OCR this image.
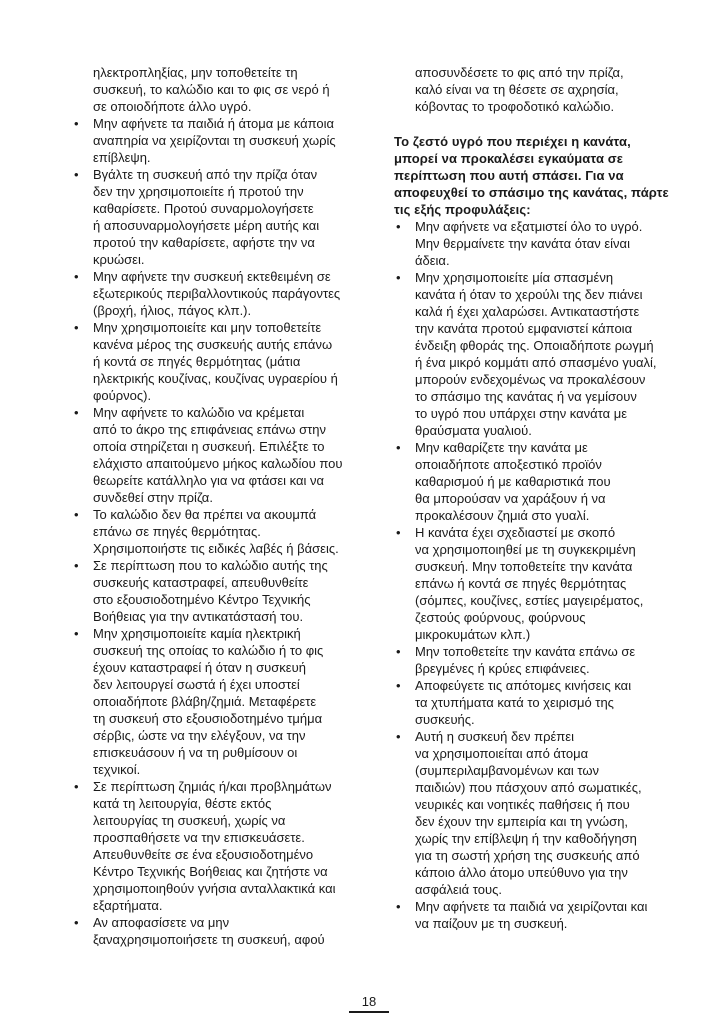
ηλεκτροπληξίας, μην τοποθετείτε τη
συσκευή, το καλώδιο και το φις σε νερό ή
σε οποιοδήποτε άλλο υγρό.
• Μην αφήνετε τα παιδιά ή άτομα με κάποια
αναπηρία να χειρίζονται τη συσκευή χωρίς
επίβλεψη.
• Βγάλτε τη συσκευή από την πρίζα όταν
δεν την χρησιμοποιείτε ή προτού την
καθαρίσετε. Προτού συναρμολογήσετε
ή αποσυναρμολογήσετε μέρη αυτής και
προτού την καθαρίσετε, αφήστε την να
κρυώσει.
• Μην αφήνετε την συσκευή εκτεθειμένη σε
εξωτερικούς περιβαλλοντικούς παράγοντες
(βροχή, ήλιος, πάγος κλπ.).
• Μην χρησιμοποιείτε και μην τοποθετείτε
κανένα μέρος της συσκευής αυτής επάνω
ή κοντά σε πηγές θερμότητας (μάτια
ηλεκτρικής κουζίνας, κουζίνας υγραερίου ή
φούρνος).
• Μην αφήνετε το καλώδιο να κρέμεται
από το άκρο της επιφάνειας επάνω στην
οποία στηρίζεται η συσκευή. Επιλέξτε το
ελάχιστο απαιτούμενο μήκος καλωδίου που
θεωρείτε κατάλληλο για να φτάσει και να
συνδεθεί στην πρίζα.
• Το καλώδιο δεν θα πρέπει να ακουμπά
επάνω σε πηγές θερμότητας.
Χρησιμοποιήστε τις ειδικές λαβές ή βάσεις.
• Σε περίπτωση που το καλώδιο αυτής της
συσκευής καταστραφεί, απευθυνθείτε
στο εξουσιοδοτημένο Κέντρο Τεχνικής
Βοήθειας για την αντικατάστασή του.
• Μην χρησιμοποιείτε καμία ηλεκτρική
συσκευή της οποίας το καλώδιο ή το φις
έχουν καταστραφεί ή όταν η συσκευή
δεν λειτουργεί σωστά ή έχει υποστεί
οποιαδήποτε βλάβη/ζημιά. Μεταφέρετε
τη συσκευή στο εξουσιοδοτημένο τμήμα
σέρβις, ώστε να την ελέγξουν, να την
επισκευάσουν ή να τη ρυθμίσουν οι
τεχνικοί.
• Σε περίπτωση ζημιάς ή/και προβλημάτων
κατά τη λειτουργία, θέστε εκτός
λειτουργίας τη συσκευή, χωρίς να
προσπαθήσετε να την επισκευάσετε.
Απευθυνθείτε σε ένα εξουσιοδοτημένο
Κέντρο Τεχνικής Βοήθειας και ζητήστε να
χρησιμοποιηθούν γνήσια ανταλλακτικά και
εξαρτήματα.
• Αν αποφασίσετε να μην
ξαναχρησιμοποιήσετε τη συσκευή, αφού
αποσυνδέσετε το φις από την πρίζα,
καλό είναι να τη θέσετε σε αχρησία,
κόβοντας το τροφοδοτικό καλώδιο.
Το ζεστό υγρό που περιέχει η κανάτα,
μπορεί να προκαλέσει εγκαύματα σε
περίπτωση που αυτή σπάσει. Για να
αποφευχθεί το σπάσιμο της κανάτας, πάρτε
τις εξής προφυλάξεις:
• Μην αφήνετε να εξατμιστεί όλο το υγρό.
Μην θερμαίνετε την κανάτα όταν είναι
άδεια.
• Μην χρησιμοποιείτε μία σπασμένη
κανάτα ή όταν το χερούλι της δεν πιάνει
καλά ή έχει χαλαρώσει. Αντικαταστήστε
την κανάτα προτού εμφανιστεί κάποια
ένδειξη φθοράς της. Οποιαδήποτε ρωγμή
ή ένα μικρό κομμάτι από σπασμένο γυαλί,
μπορούν ενδεχομένως να προκαλέσουν
το σπάσιμο της κανάτας ή να γεμίσουν
το υγρό που υπάρχει στην κανάτα με
θραύσματα γυαλιού.
• Μην καθαρίζετε την κανάτα με
οποιαδήποτε αποξεστικό προϊόν
καθαρισμού ή με καθαριστικά που
θα μπορούσαν να χαράξουν ή να
προκαλέσουν ζημιά στο γυαλί.
• Η κανάτα έχει σχεδιαστεί με σκοπό
να χρησιμοποιηθεί με τη συγκεκριμένη
συσκευή. Μην τοποθετείτε την κανάτα
επάνω ή κοντά σε πηγές θερμότητας
(σόμπες, κουζίνες, εστίες μαγειρέματος,
ζεστούς φούρνους, φούρνους
μικροκυμάτων κλπ.)
• Μην τοποθετείτε την κανάτα επάνω σε
βρεγμένες ή κρύες επιφάνειες.
• Αποφεύγετε τις απότομες κινήσεις και
τα χτυπήματα κατά το χειρισμό της
συσκευής.
• Αυτή η συσκευή δεν πρέπει
να χρησιμοποιείται από άτομα
(συμπεριλαμβανομένων και των
παιδιών) που πάσχουν από σωματικές,
νευρικές και νοητικές παθήσεις ή που
δεν έχουν την εμπειρία και τη γνώση,
χωρίς την επίβλεψη ή την καθοδήγηση
για τη σωστή χρήση της συσκευής από
κάποιο άλλο άτομο υπεύθυνο για την
ασφάλειά τους.
• Μην αφήνετε τα παιδιά να χειρίζονται και
να παίζουν με τη συσκευή.
18
